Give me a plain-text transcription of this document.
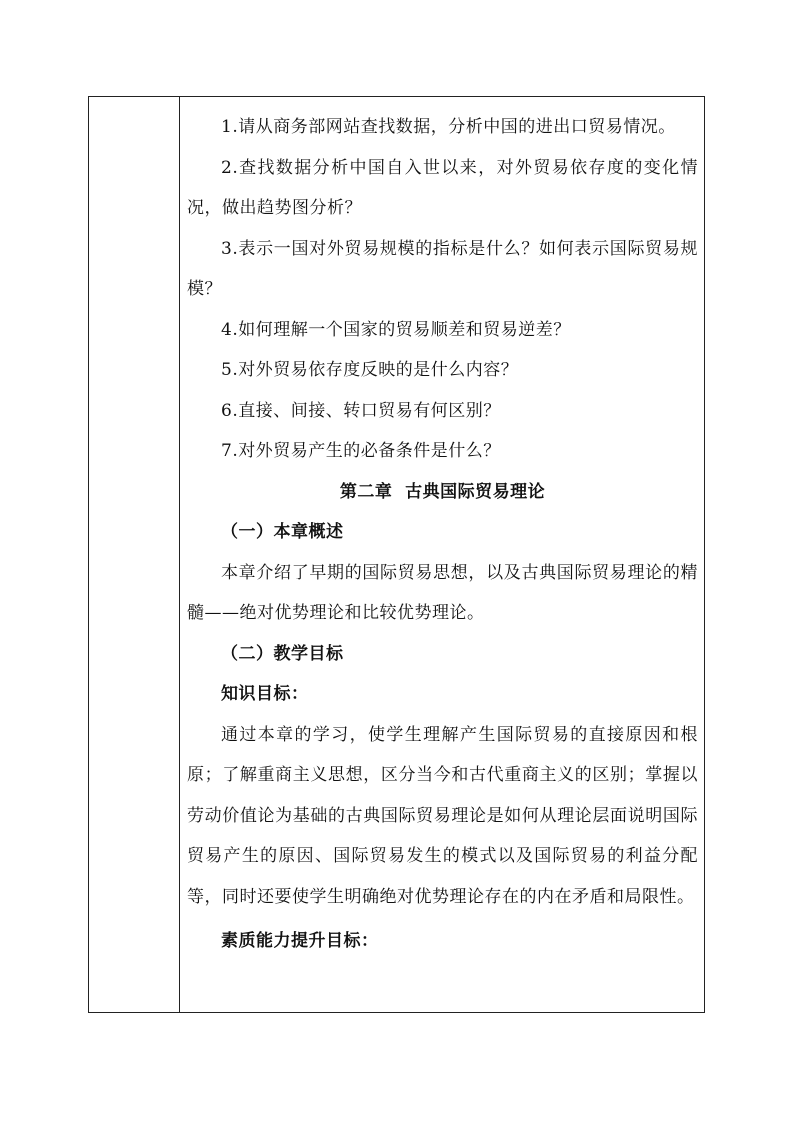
1.请从商务部网站查找数据，分析中国的进出口贸易情况。

2.查找数据分析中国自入世以来，对外贸易依存度的变化情况，做出趋势图分析？

3.表示一国对外贸易规模的指标是什么？如何表示国际贸易规模？

4.如何理解一个国家的贸易顺差和贸易逆差？

5.对外贸易依存度反映的是什么内容？

6.直接、间接、转口贸易有何区别？

7.对外贸易产生的必备条件是什么？

第二章  古典国际贸易理论

（一）本章概述

本章介绍了早期的国际贸易思想，以及古典国际贸易理论的精髓——绝对优势理论和比较优势理论。

（二）教学目标

知识目标：

通过本章的学习，使学生理解产生国际贸易的直接原因和根原；了解重商主义思想，区分当今和古代重商主义的区别；掌握以劳动价值论为基础的古典国际贸易理论是如何从理论层面说明国际贸易产生的原因、国际贸易发生的模式以及国际贸易的利益分配等，同时还要使学生明确绝对优势理论存在的内在矛盾和局限性。

素质能力提升目标：
